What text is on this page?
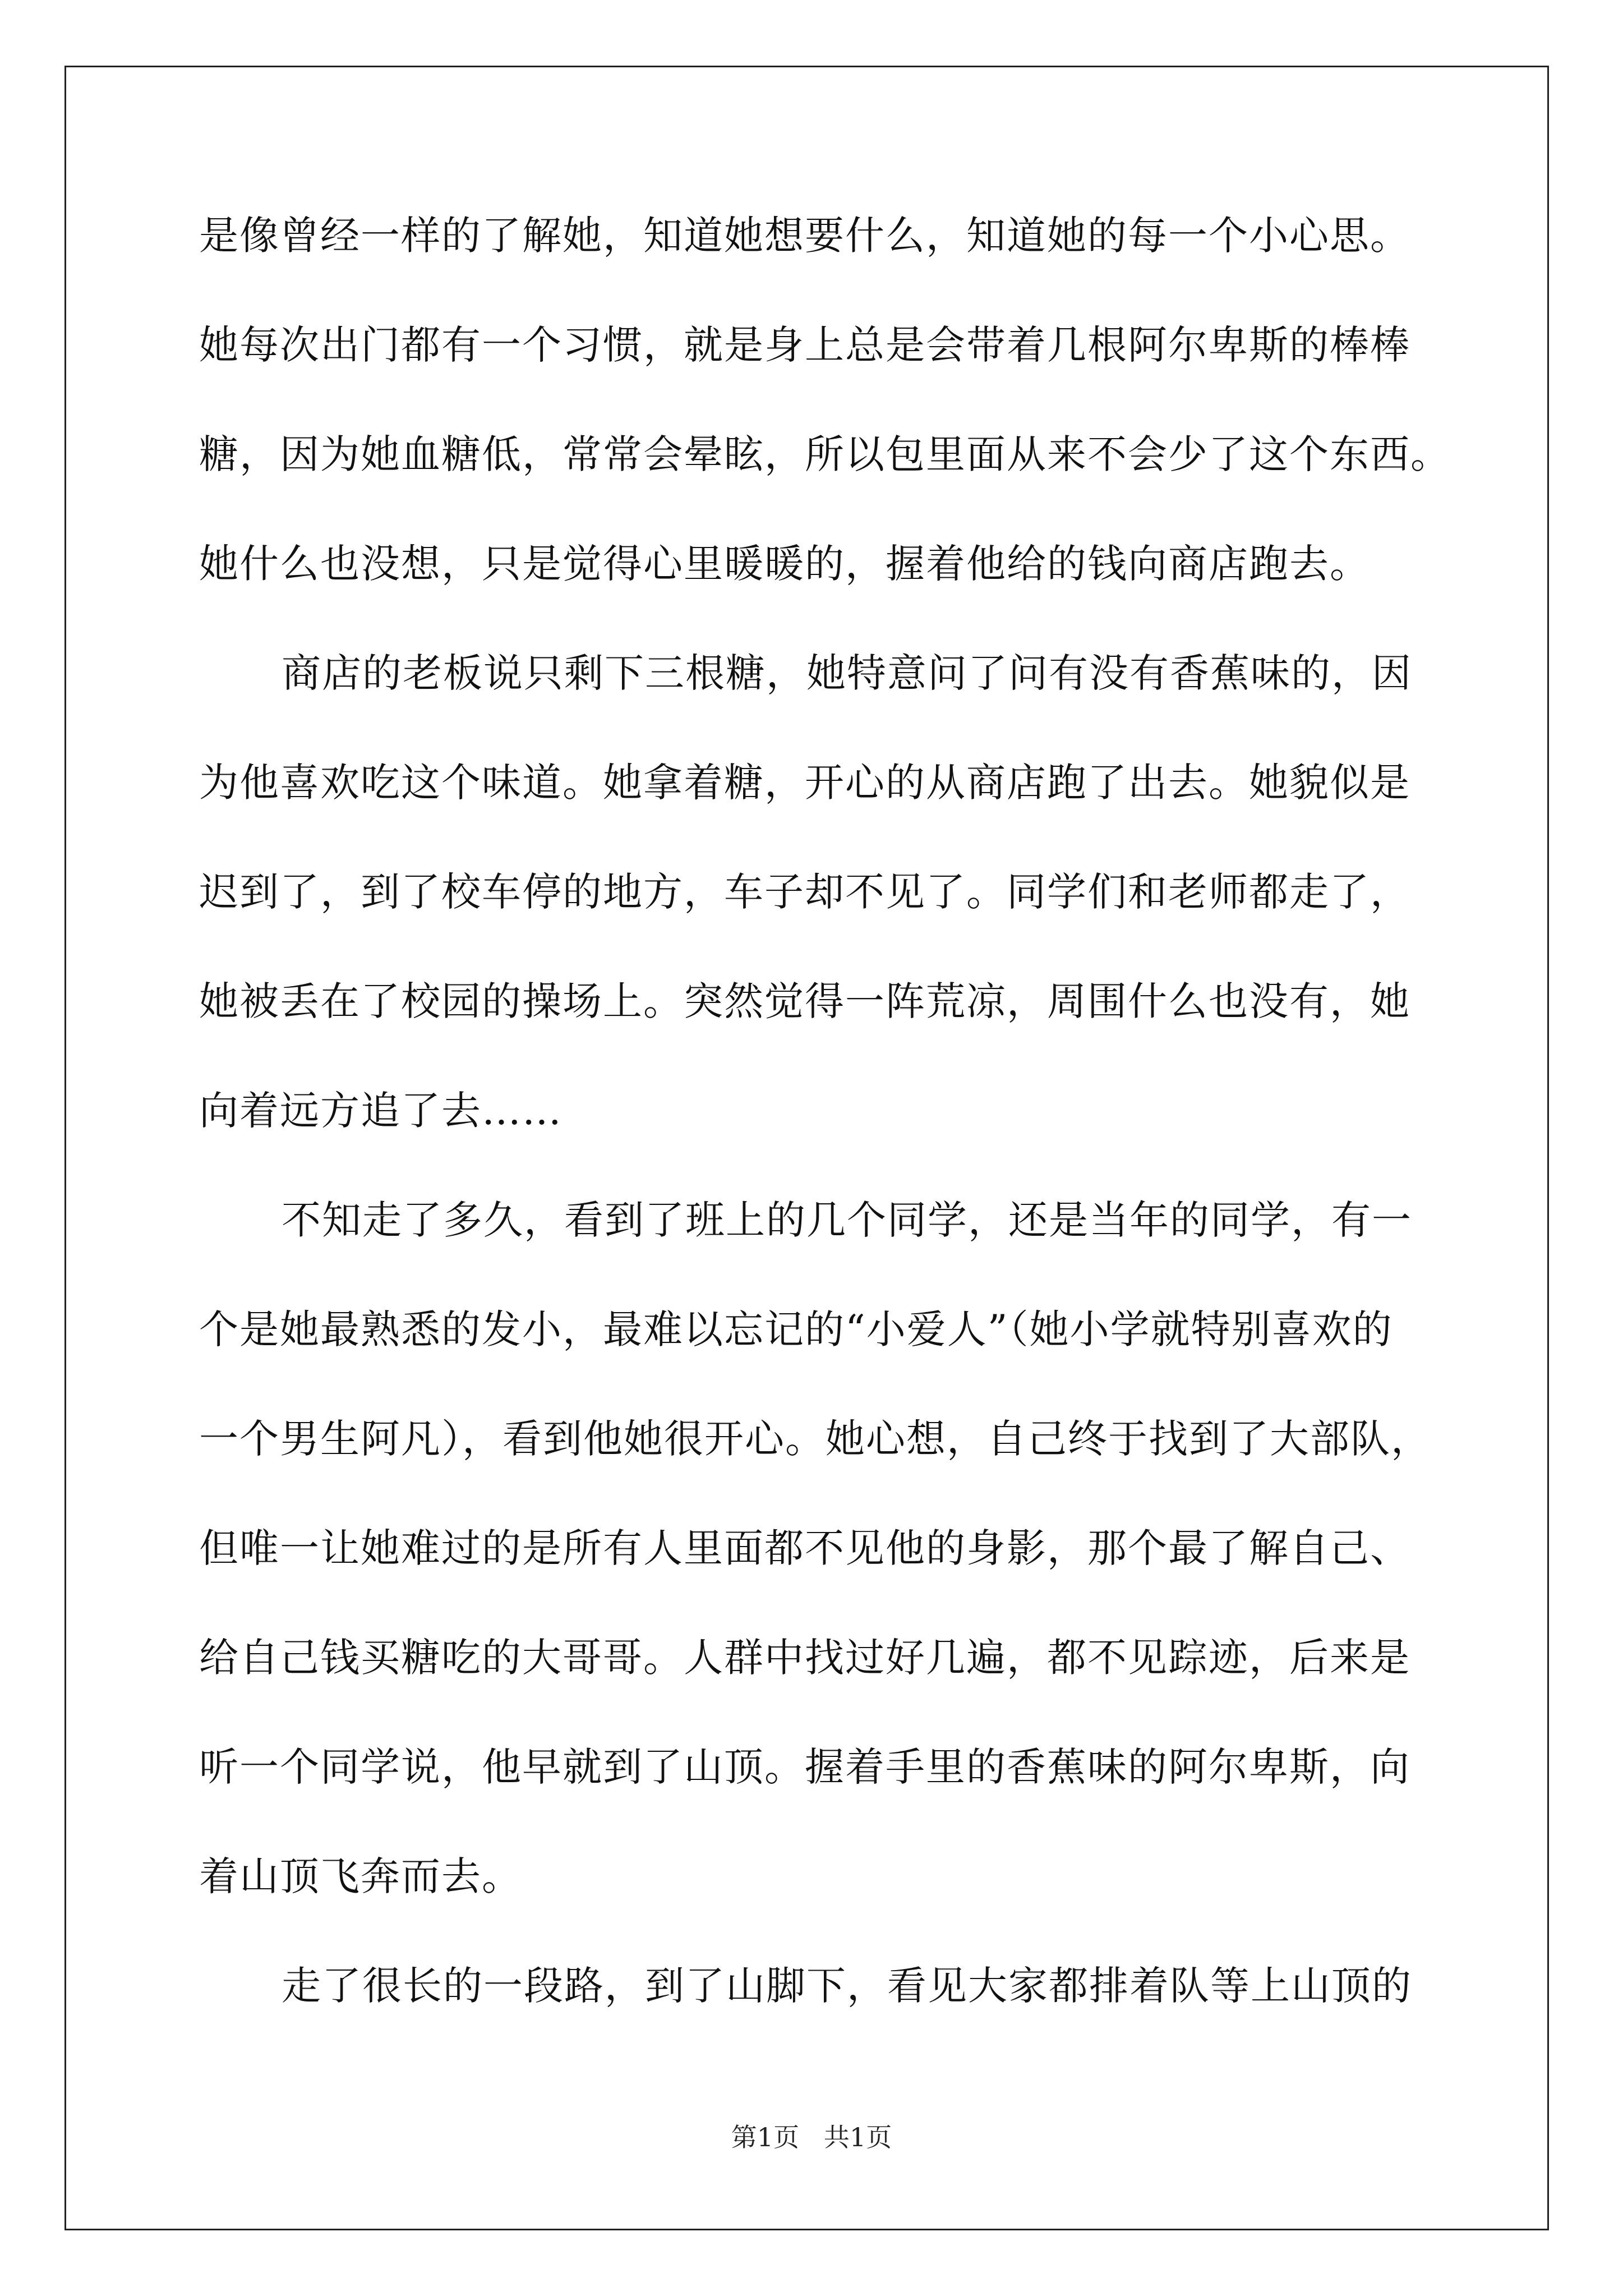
是像曾经一样的了解她，知道她想要什么，知道她的每一个小心思。
她每次出门都有一个习惯，就是身上总是会带着几根阿尔卑斯的棒棒
糖，因为她血糖低，常常会晕眩，所以包里面从来不会少了这个东西。
她什么也没想，只是觉得心里暖暖的，握着他给的钱向商店跑去。
商店的老板说只剩下三根糖，她特意问了问有没有香蕉味的，因
为他喜欢吃这个味道。她拿着糖，开心的从商店跑了出去。她貌似是
迟到了，到了校车停的地方，车子却不见了。同学们和老师都走了，
她被丢在了校园的操场上。突然觉得一阵荒凉，周围什么也没有，她
向着远方追了去……
不知走了多久，看到了班上的几个同学，还是当年的同学，有一
个是她最熟悉的发小，最难以忘记的“小爱人”（她小学就特别喜欢的
一个男生阿凡），看到他她很开心。她心想，自己终于找到了大部队，
但唯一让她难过的是所有人里面都不见他的身影，那个最了解自己、
给自己钱买糖吃的大哥哥。人群中找过好几遍，都不见踪迹，后来是
听一个同学说，他早就到了山顶。握着手里的香蕉味的阿尔卑斯，向
着山顶飞奔而去。
走了很长的一段路，到了山脚下，看见大家都排着队等上山顶的
第1页   共1页
